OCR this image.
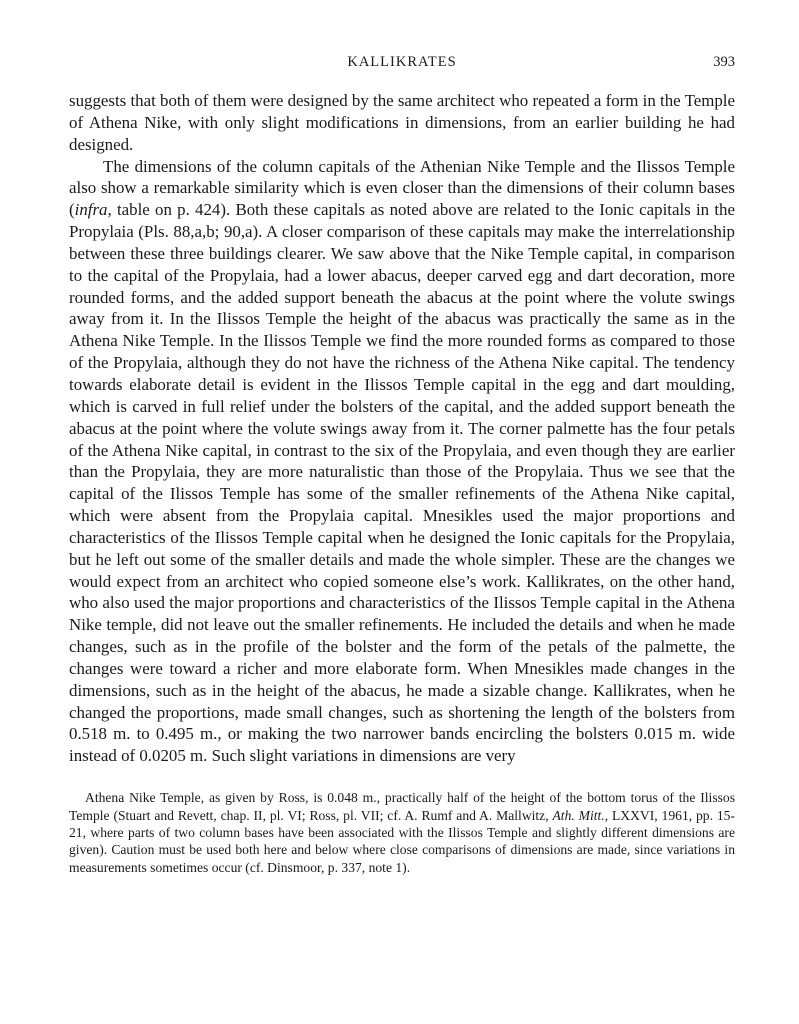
KALLIKRATES	393

suggests that both of them were designed by the same architect who repeated a form in the Temple of Athena Nike, with only slight modifications in dimensions, from an earlier building he had designed.

The dimensions of the column capitals of the Athenian Nike Temple and the Ilissos Temple also show a remarkable similarity which is even closer than the dimensions of their column bases (infra, table on p. 424). Both these capitals as noted above are related to the Ionic capitals in the Propylaia (Pls. 88,a,b; 90,a). A closer comparison of these capitals may make the interrelationship between these three buildings clearer. We saw above that the Nike Temple capital, in comparison to the capital of the Propylaia, had a lower abacus, deeper carved egg and dart decoration, more rounded forms, and the added support beneath the abacus at the point where the volute swings away from it. In the Ilissos Temple the height of the abacus was practically the same as in the Athena Nike Temple. In the Ilissos Temple we find the more rounded forms as compared to those of the Propylaia, although they do not have the richness of the Athena Nike capital. The tendency towards elaborate detail is evident in the Ilissos Temple capital in the egg and dart moulding, which is carved in full relief under the bolsters of the capital, and the added support beneath the abacus at the point where the volute swings away from it. The corner palmette has the four petals of the Athena Nike capital, in contrast to the six of the Propylaia, and even though they are earlier than the Propylaia, they are more naturalistic than those of the Propylaia. Thus we see that the capital of the Ilissos Temple has some of the smaller refinements of the Athena Nike capital, which were absent from the Propylaia capital. Mnesikles used the major proportions and characteristics of the Ilissos Temple capital when he designed the Ionic capitals for the Propylaia, but he left out some of the smaller details and made the whole simpler. These are the changes we would expect from an architect who copied someone else’s work. Kallikrates, on the other hand, who also used the major proportions and characteristics of the Ilissos Temple capital in the Athena Nike temple, did not leave out the smaller refinements. He included the details and when he made changes, such as in the profile of the bolster and the form of the petals of the palmette, the changes were toward a richer and more elaborate form. When Mnesikles made changes in the dimensions, such as in the height of the abacus, he made a sizable change. Kallikrates, when he changed the proportions, made small changes, such as shortening the length of the bolsters from 0.518 m. to 0.495 m., or making the two narrower bands encircling the bolsters 0.015 m. wide instead of 0.0205 m. Such slight variations in dimensions are very

Athena Nike Temple, as given by Ross, is 0.048 m., practically half of the height of the bottom torus of the Ilissos Temple (Stuart and Revett, chap. II, pl. VI; Ross, pl. VII; cf. A. Rumf and A. Mallwitz, Ath. Mitt., LXXVI, 1961, pp. 15-21, where parts of two column bases have been associated with the Ilissos Temple and slightly different dimensions are given). Caution must be used both here and below where close comparisons of dimensions are made, since variations in measurements sometimes occur (cf. Dinsmoor, p. 337, note 1).
